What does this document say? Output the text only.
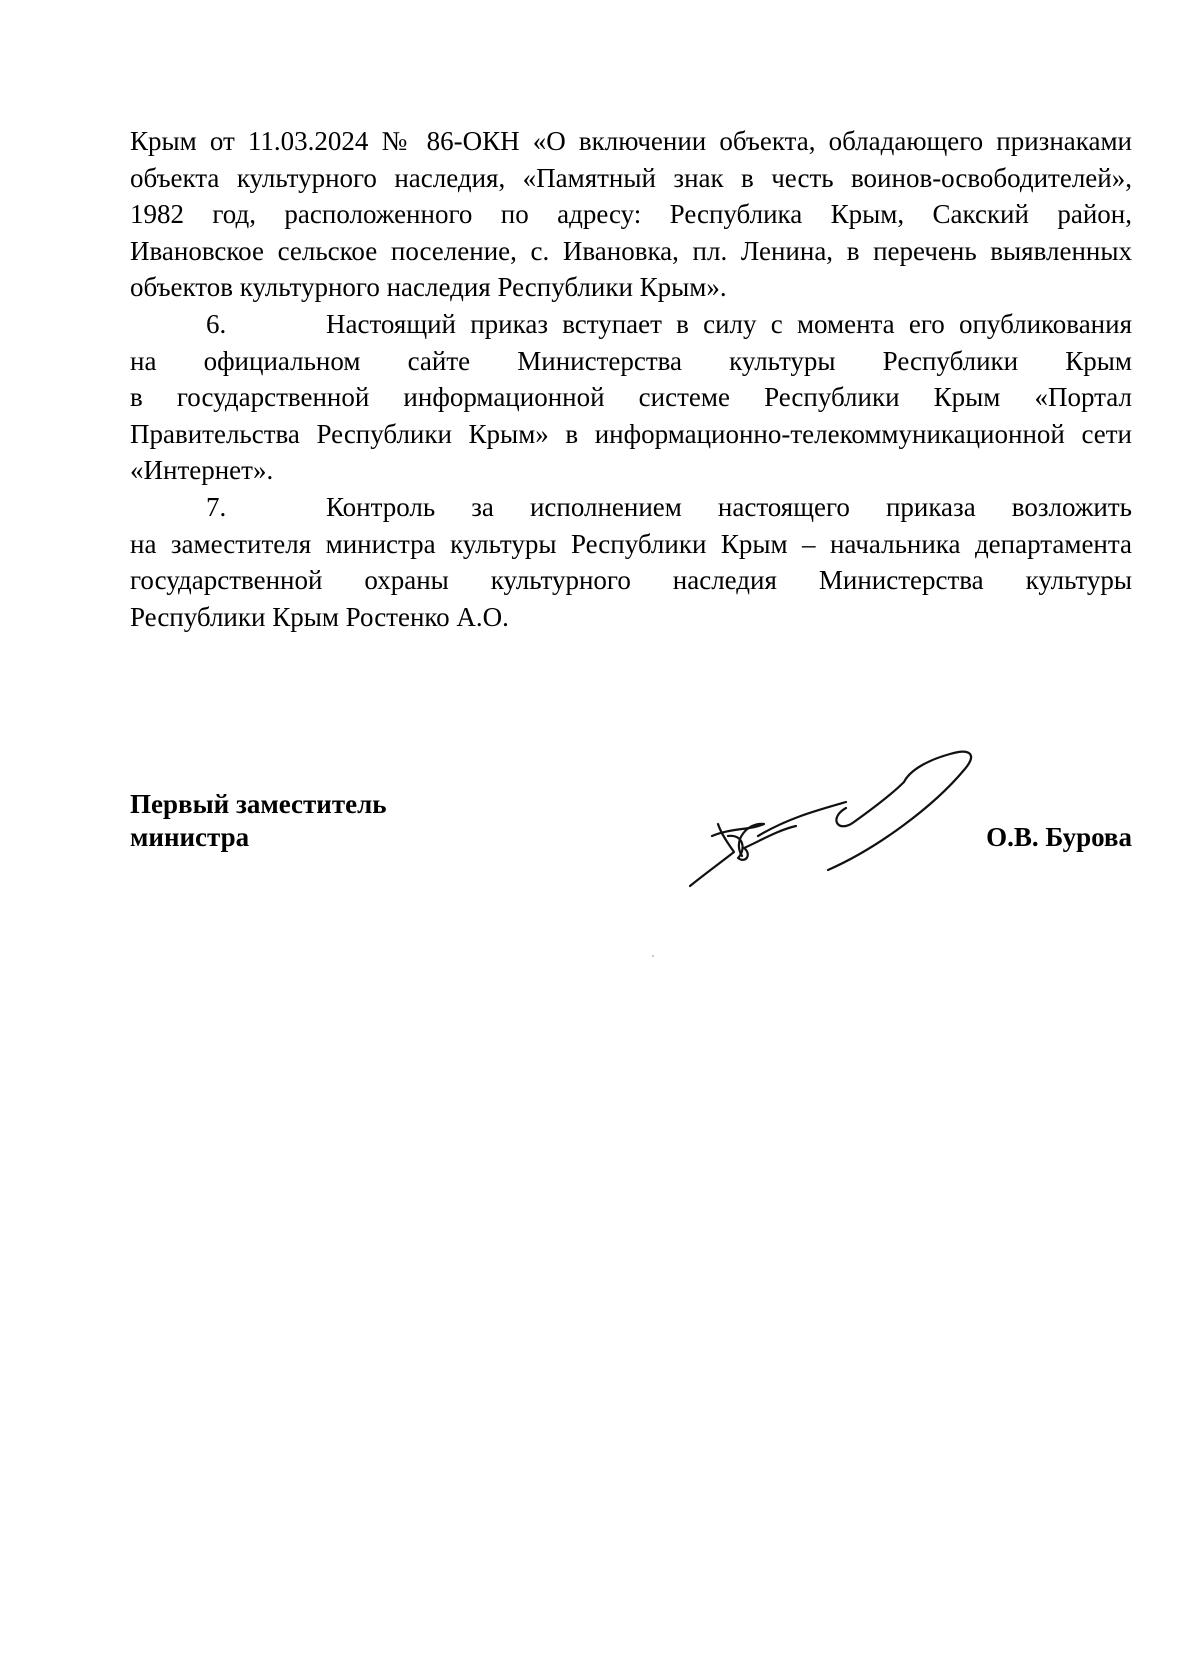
Крым от 11.03.2024 № 86-ОКН «О включении объекта, обладающего признаками
объекта культурного наследия, «Памятный знак в честь воинов-освободителей»,
1982 год, расположенного по адресу: Республика Крым, Сакский район,
Ивановское сельское поселение, с. Ивановка, пл. Ленина, в перечень выявленных
объектов культурного наследия Республики Крым».

6.	Настоящий приказ вступает в силу с момента его опубликования
на официальном сайте Министерства культуры Республики Крым
в государственной информационной системе Республики Крым «Портал
Правительства Республики Крым» в информационно-телекоммуникационной сети
«Интернет».

7.	Контроль за исполнением настоящего приказа возложить
на заместителя министра культуры Республики Крым – начальника департамента
государственной охраны культурного наследия Министерства культуры
Республики Крым Ростенко А.О.

Первый заместитель
министра	О.В. Бурова
